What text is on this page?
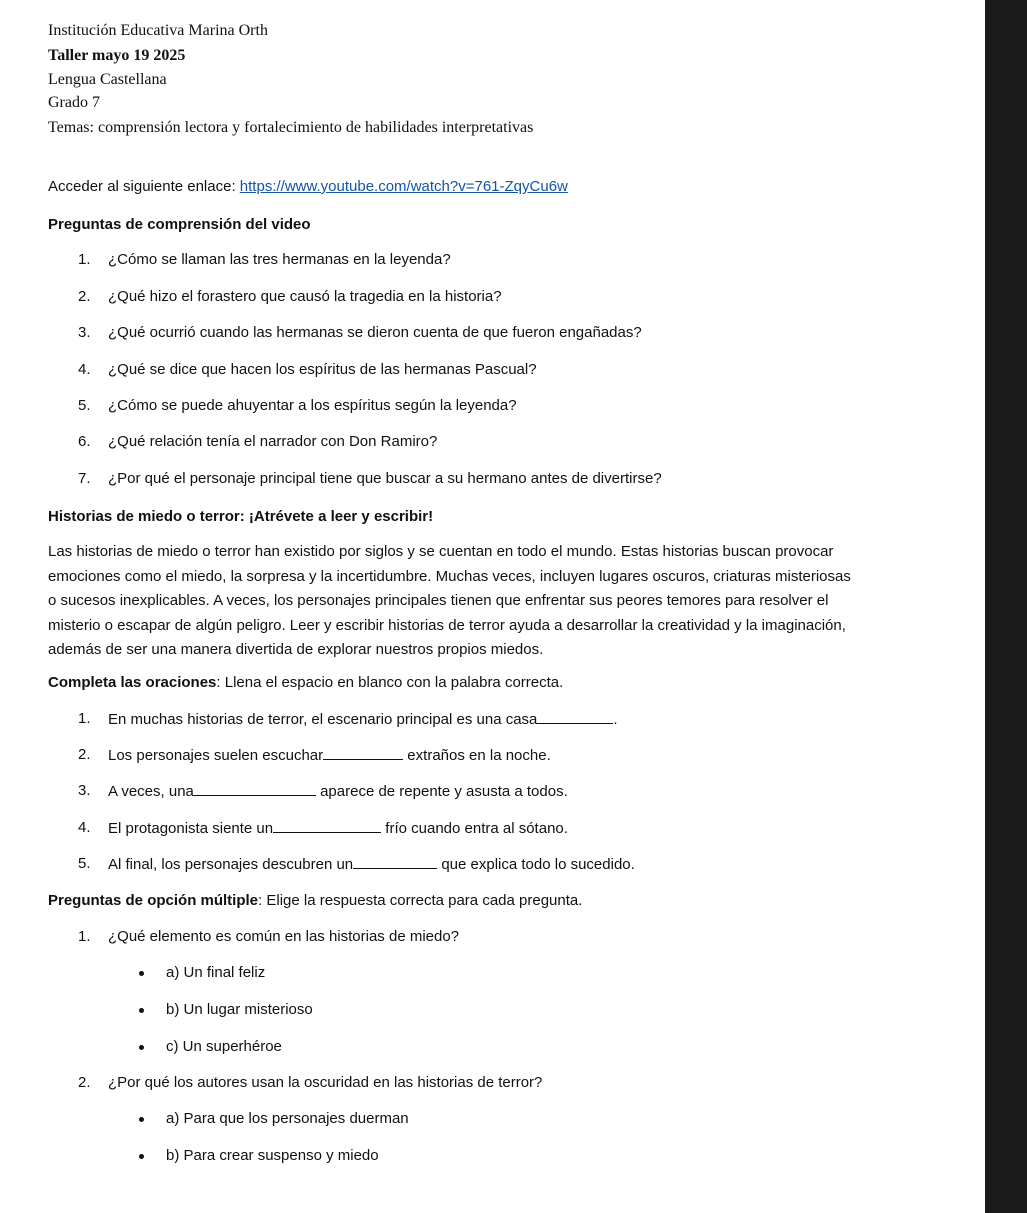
Institución Educativa Marina Orth
Taller mayo 19 2025
Lengua Castellana
Grado 7
Temas: comprensión lectora y fortalecimiento de habilidades interpretativas
Acceder al siguiente enlace: https://www.youtube.com/watch?v=761-ZqyCu6w
Preguntas de comprensión del video
1. ¿Cómo se llaman las tres hermanas en la leyenda?
2. ¿Qué hizo el forastero que causó la tragedia en la historia?
3. ¿Qué ocurrió cuando las hermanas se dieron cuenta de que fueron engañadas?
4. ¿Qué se dice que hacen los espíritus de las hermanas Pascual?
5. ¿Cómo se puede ahuyentar a los espíritus según la leyenda?
6. ¿Qué relación tenía el narrador con Don Ramiro?
7. ¿Por qué el personaje principal tiene que buscar a su hermano antes de divertirse?
Historias de miedo o terror: ¡Atrévete a leer y escribir!
Las historias de miedo o terror han existido por siglos y se cuentan en todo el mundo. Estas historias buscan provocar
emociones como el miedo, la sorpresa y la incertidumbre. Muchas veces, incluyen lugares oscuros, criaturas misteriosas
o sucesos inexplicables. A veces, los personajes principales tienen que enfrentar sus peores temores para resolver el
misterio o escapar de algún peligro. Leer y escribir historias de terror ayuda a desarrollar la creatividad y la imaginación,
además de ser una manera divertida de explorar nuestros propios miedos.
Completa las oraciones: Llena el espacio en blanco con la palabra correcta.
1. En muchas historias de terror, el escenario principal es una casa	.
2. Los personajes suelen escuchar	extraños en la noche.
3. A veces, una	aparece de repente y asusta a todos.
4. El protagonista siente un	frío cuando entra al sótano.
5. Al final, los personajes descubren un	que explica todo lo sucedido.
Preguntas de opción múltiple: Elige la respuesta correcta para cada pregunta.
1. ¿Qué elemento es común en las historias de miedo?
a) Un final feliz
b) Un lugar misterioso
c) Un superhéroe
2. ¿Por qué los autores usan la oscuridad en las historias de terror?
a) Para que los personajes duerman
b) Para crear suspenso y miedo
